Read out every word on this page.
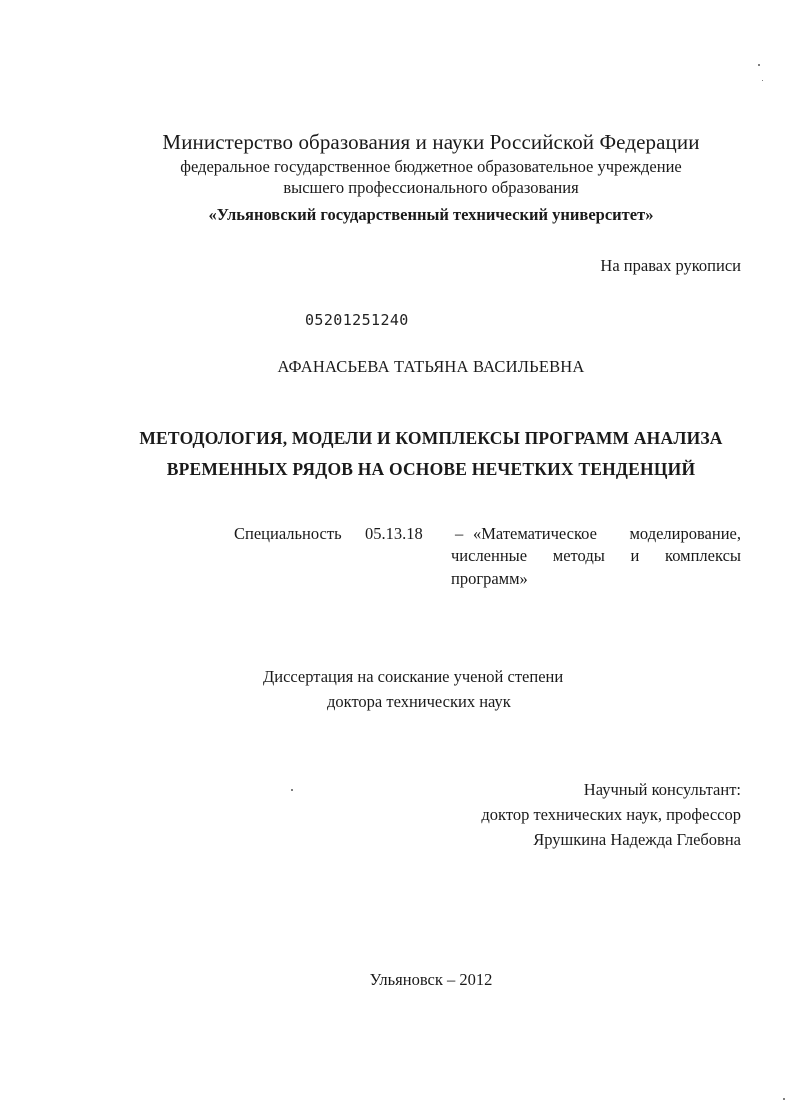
Министерство образования и науки Российской Федерации
федеральное государственное бюджетное образовательное учреждение
высшего профессионального образования
«Ульяновский государственный технический университет»
На правах рукописи
05201251240
АФАНАСЬЕВА ТАТЬЯНА ВАСИЛЬЕВНА
МЕТОДОЛОГИЯ, МОДЕЛИ И КОМПЛЕКСЫ ПРОГРАММ АНАЛИЗА
ВРЕМЕННЫХ РЯДОВ НА ОСНОВЕ НЕЧЕТКИХ ТЕНДЕНЦИЙ
Специальность 05.13.18 – «Математическое моделирование,
численные методы и комплексы
программ»
Диссертация на соискание ученой степени
доктора технических наук
Научный консультант:
доктор технических наук, профессор
Ярушкина Надежда Глебовна
Ульяновск – 2012
